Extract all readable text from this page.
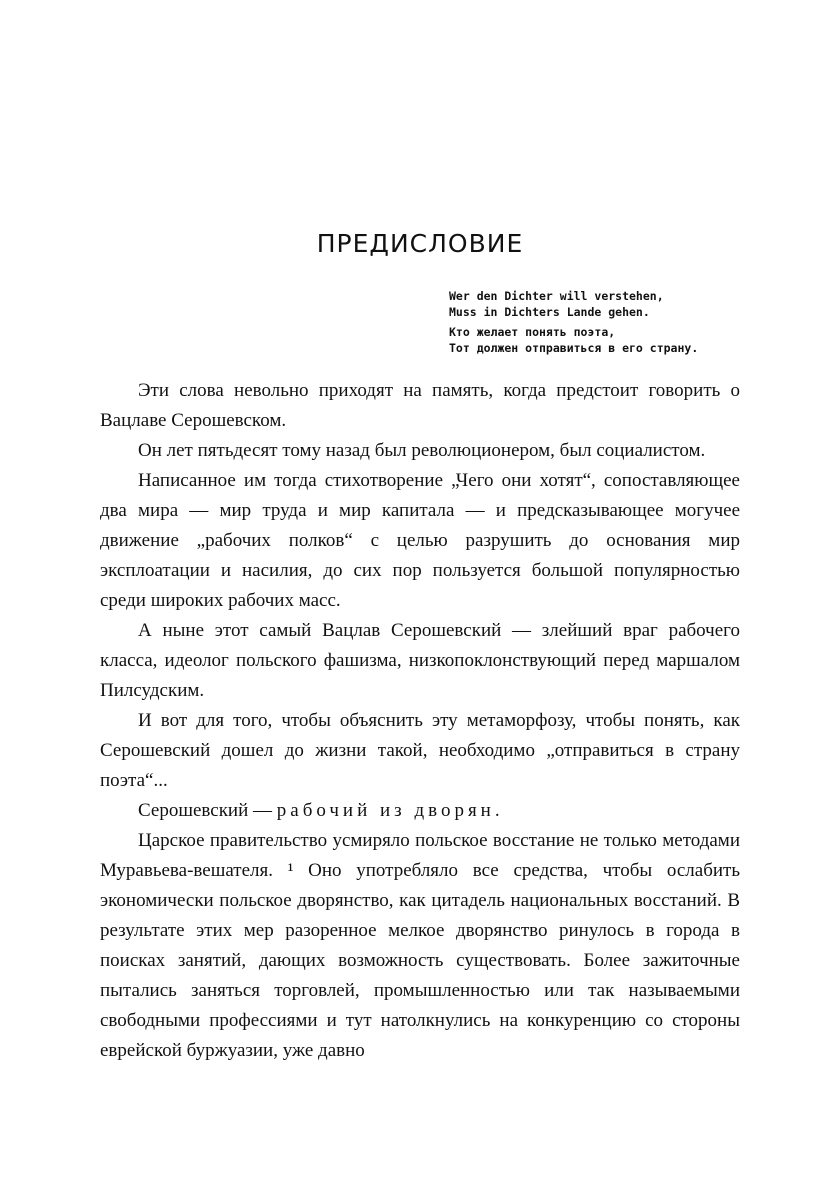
ПРЕДИСЛОВИЕ
Wer den Dichter will verstehen,
Muss in Dichters Lande gehen.
Кто желает понять поэта,
Тот должен отправиться в его страну.

Эти слова невольно приходят на память, когда предстоит говорить о Вацлаве Серошевском.

Он лет пятьдесят тому назад был революционером, был социалистом.

Написанное им тогда стихотворение „Чего они хотят“, сопоставляющее два мира — мир труда и мир капитала — и предсказывающее могучее движение „рабочих полков“ с целью разрушить до основания мир эксплоатации и насилия, до сих пор пользуется большой популярностью среди широких рабочих масс.

А ныне этот самый Вацлав Серошевский — злейший враг рабочего класса, идеолог польского фашизма, низкопоклонствующий перед маршалом Пилсудским.

И вот для того, чтобы объяснить эту метаморфозу, чтобы понять, как Серошевский дошел до жизни такой, необходимо „отправиться в страну поэта“...

Серошевский — рабочий из дворян.

Царское правительство усмиряло польское восстание не только методами Муравьева-вешателя. ¹ Оно употребляло все средства, чтобы ослабить экономически польское дворянство, как цитадель национальных восстаний. В результате этих мер разоренное мелкое дворянство ринулось в города в поисках занятий, дающих возможность существовать. Более зажиточные пытались заняться торговлей, промышленностью или так называемыми свободными профессиями и тут натолкнулись на конкуренцию со стороны еврейской буржуазии, уже давно
